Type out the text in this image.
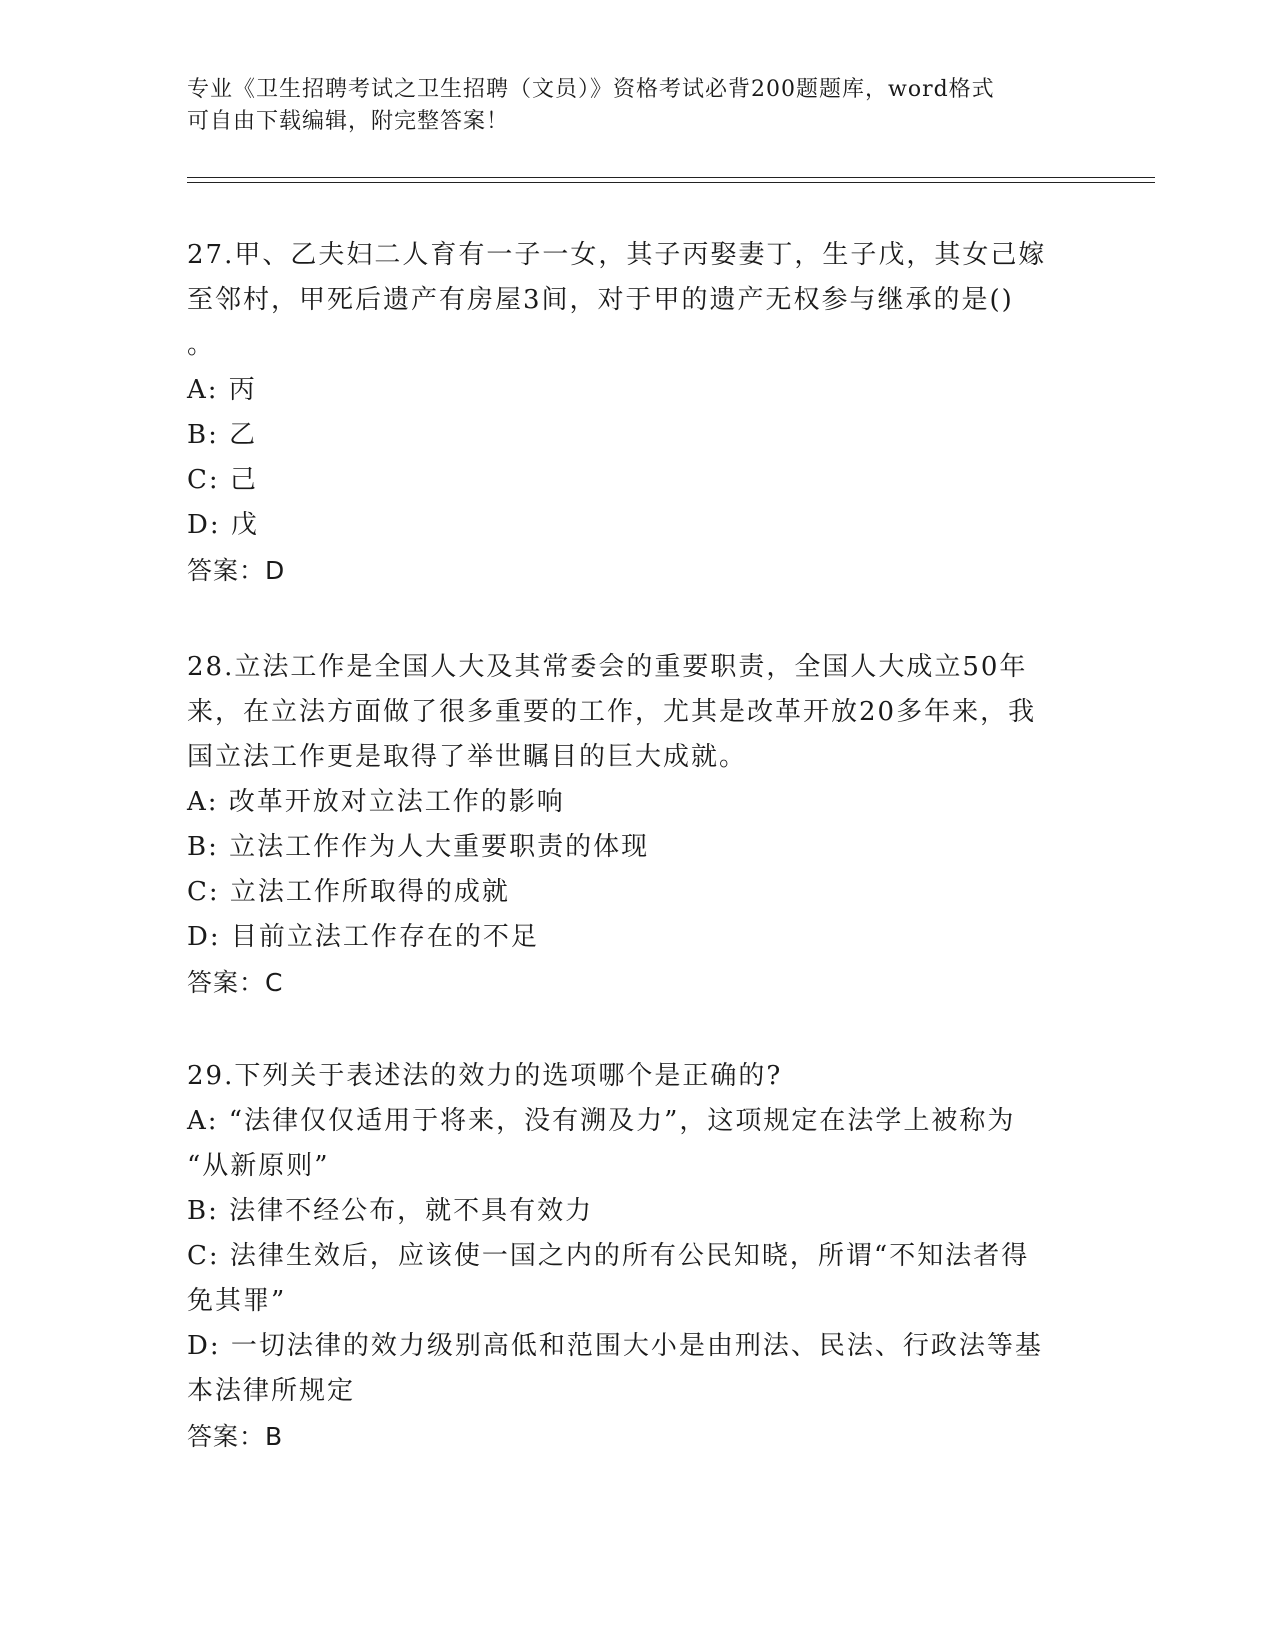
专业《卫生招聘考试之卫生招聘（文员）》资格考试必背200题题库，word格式
可自由下载编辑，附完整答案！
27.甲、乙夫妇二人育有一子一女，其子丙娶妻丁，生子戊，其女己嫁
至邻村，甲死后遗产有房屋3间，对于甲的遗产无权参与继承的是()
。
A: 丙
B: 乙
C: 己
D: 戊
答案：D
28.立法工作是全国人大及其常委会的重要职责，全国人大成立50年
来，在立法方面做了很多重要的工作，尤其是改革开放20多年来，我
国立法工作更是取得了举世瞩目的巨大成就。
A: 改革开放对立法工作的影响
B: 立法工作作为人大重要职责的体现
C: 立法工作所取得的成就
D: 目前立法工作存在的不足
答案：C
29.下列关于表述法的效力的选项哪个是正确的?
A: “法律仅仅适用于将来，没有溯及力”，这项规定在法学上被称为
“从新原则”
B: 法律不经公布，就不具有效力
C: 法律生效后，应该使一国之内的所有公民知晓，所谓“不知法者得
免其罪”
D: 一切法律的效力级别高低和范围大小是由刑法、民法、行政法等基
本法律所规定
答案：B
